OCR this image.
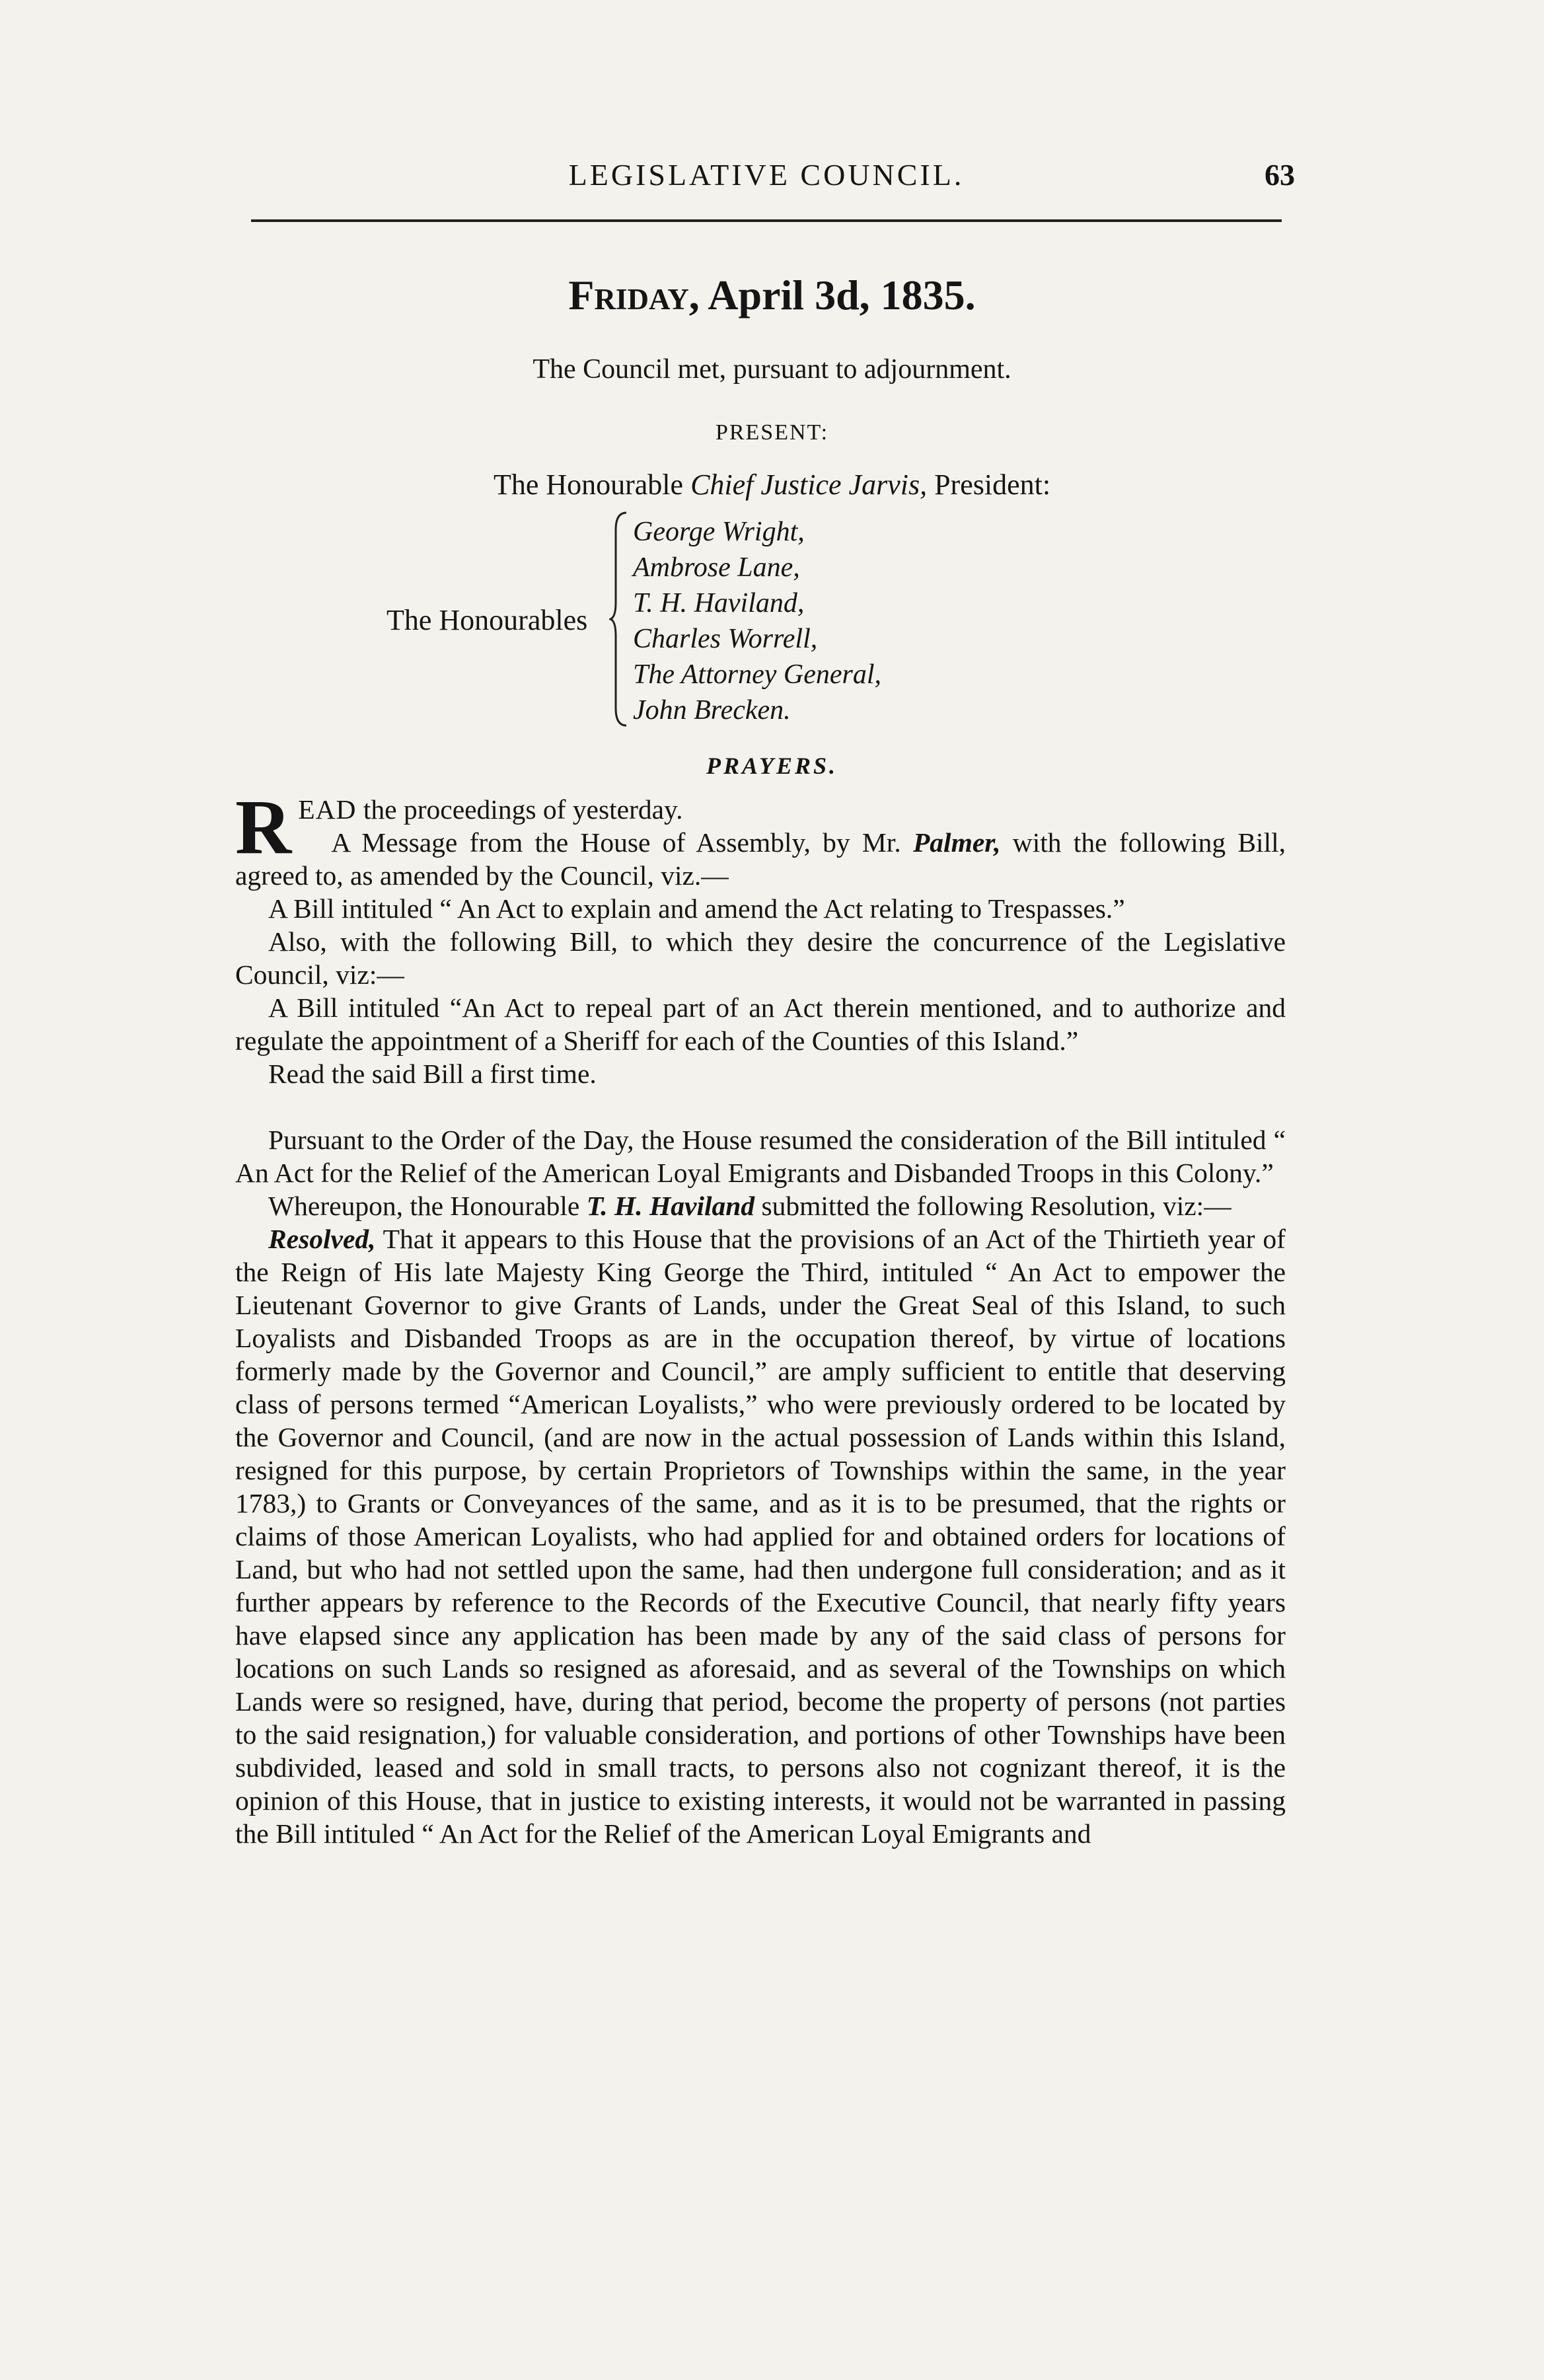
LEGISLATIVE COUNCIL.	63
Friday, April 3d, 1835.
The Council met, pursuant to adjournment.
PRESENT:
The Honourable Chief Justice Jarvis, President:
The Honourables
George Wright,
Ambrose Lane,
T. H. Haviland,
Charles Worrell,
The Attorney General,
John Brecken.
PRAYERS.

READ the proceedings of yesterday.

A Message from the House of Assembly, by Mr. Palmer, with the following Bill, agreed to, as amended by the Council, viz.—

A Bill intituled “ An Act to explain and amend the Act relating to Trespasses.”

Also, with the following Bill, to which they desire the concurrence of the Legislative Council, viz:—

A Bill intituled “An Act to repeal part of an Act therein mentioned, and to authorize and regulate the appointment of a Sheriff for each of the Counties of this Island.”

Read the said Bill a first time.

Pursuant to the Order of the Day, the House resumed the consideration of the Bill intituled “ An Act for the Relief of the American Loyal Emigrants and Disbanded Troops in this Colony.”

Whereupon, the Honourable T. H. Haviland submitted the following Resolution, viz:—

Resolved, That it appears to this House that the provisions of an Act of the Thirtieth year of the Reign of His late Majesty King George the Third, intituled “ An Act to empower the Lieutenant Governor to give Grants of Lands, under the Great Seal of this Island, to such Loyalists and Disbanded Troops as are in the occupation thereof, by virtue of locations formerly made by the Governor and Council,” are amply sufficient to entitle that deserving class of persons termed “American Loyalists,” who were previously ordered to be located by the Governor and Council, (and are now in the actual possession of Lands within this Island, resigned for this purpose, by certain Proprietors of Townships within the same, in the year 1783,) to Grants or Conveyances of the same, and as it is to be presumed, that the rights or claims of those American Loyalists, who had applied for and obtained orders for locations of Land, but who had not settled upon the same, had then undergone full consideration; and as it further appears by reference to the Records of the Executive Council, that nearly fifty years have elapsed since any application has been made by any of the said class of persons for locations on such Lands so resigned as aforesaid, and as several of the Townships on which Lands were so resigned, have, during that period, become the property of persons (not parties to the said resignation,) for valuable consideration, and portions of other Townships have been subdivided, leased and sold in small tracts, to persons also not cognizant thereof, it is the opinion of this House, that in justice to existing interests, it would not be warranted in passing the Bill intituled “ An Act for the Relief of the American Loyal Emigrants and
